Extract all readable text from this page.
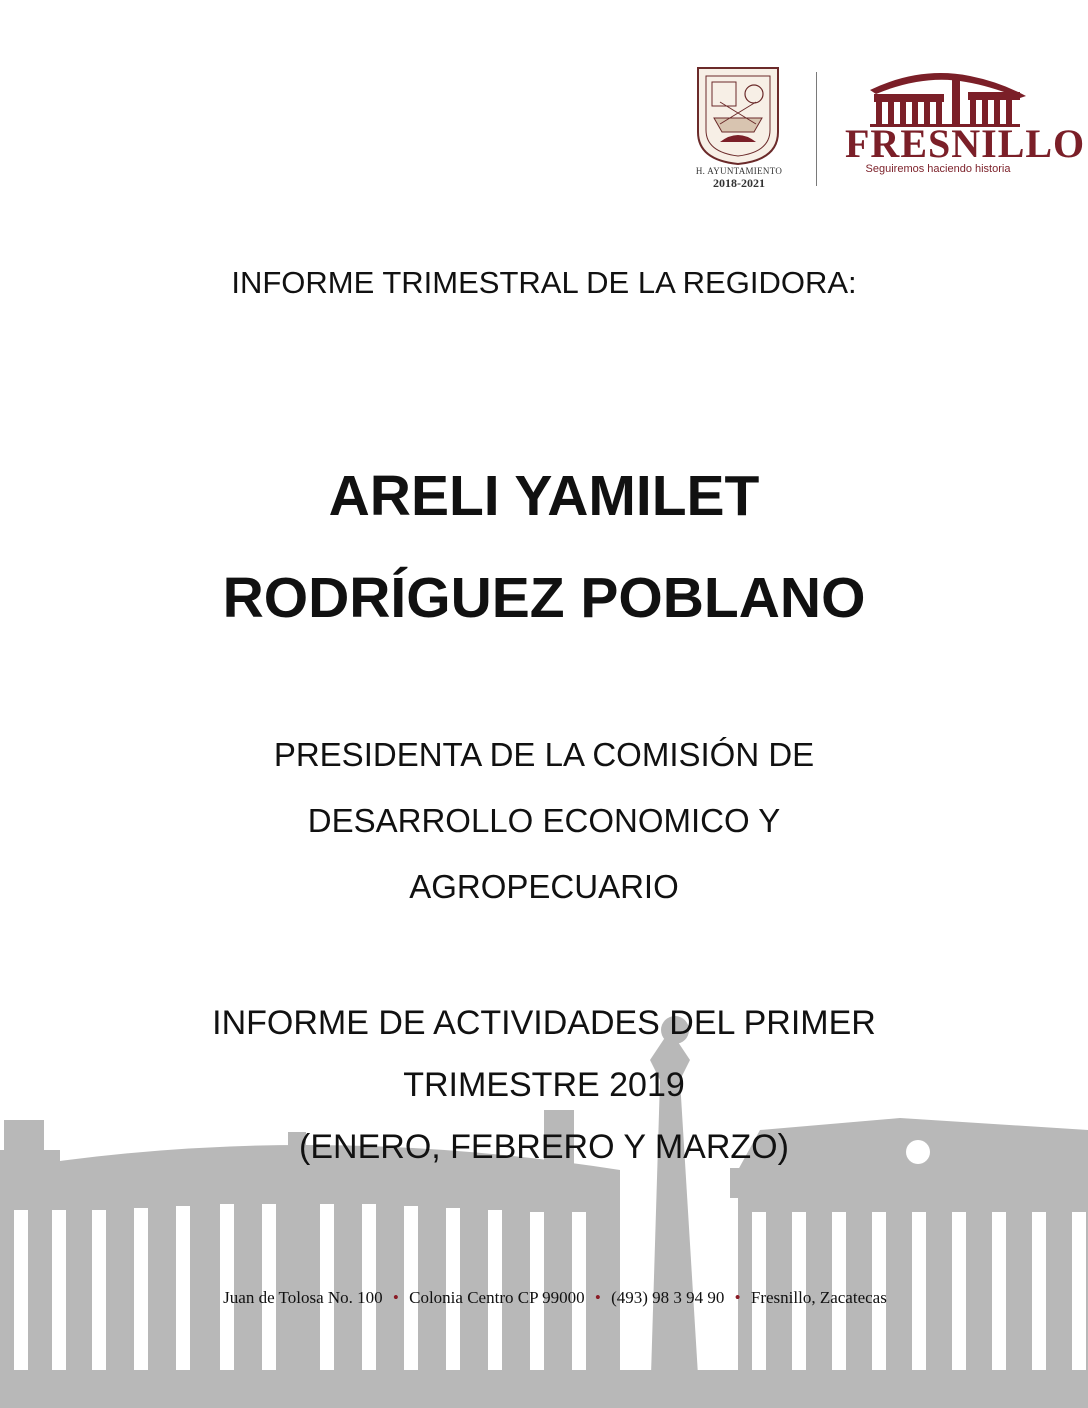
H. AYUNTAMIENTO
2018-2021
FRESNILLO
Seguiremos haciendo historia
INFORME TRIMESTRAL DE LA REGIDORA:
ARELI YAMILET
RODRÍGUEZ POBLANO
PRESIDENTA DE LA COMISIÓN DE
DESARROLLO ECONOMICO Y
AGROPECUARIO
INFORME DE ACTIVIDADES DEL PRIMER
TRIMESTRE 2019
(ENERO, FEBRERO Y MARZO)
Juan de Tolosa No. 100 • Colonia Centro CP 99000 • (493) 98 3 94 90 • Fresnillo, Zacatecas
